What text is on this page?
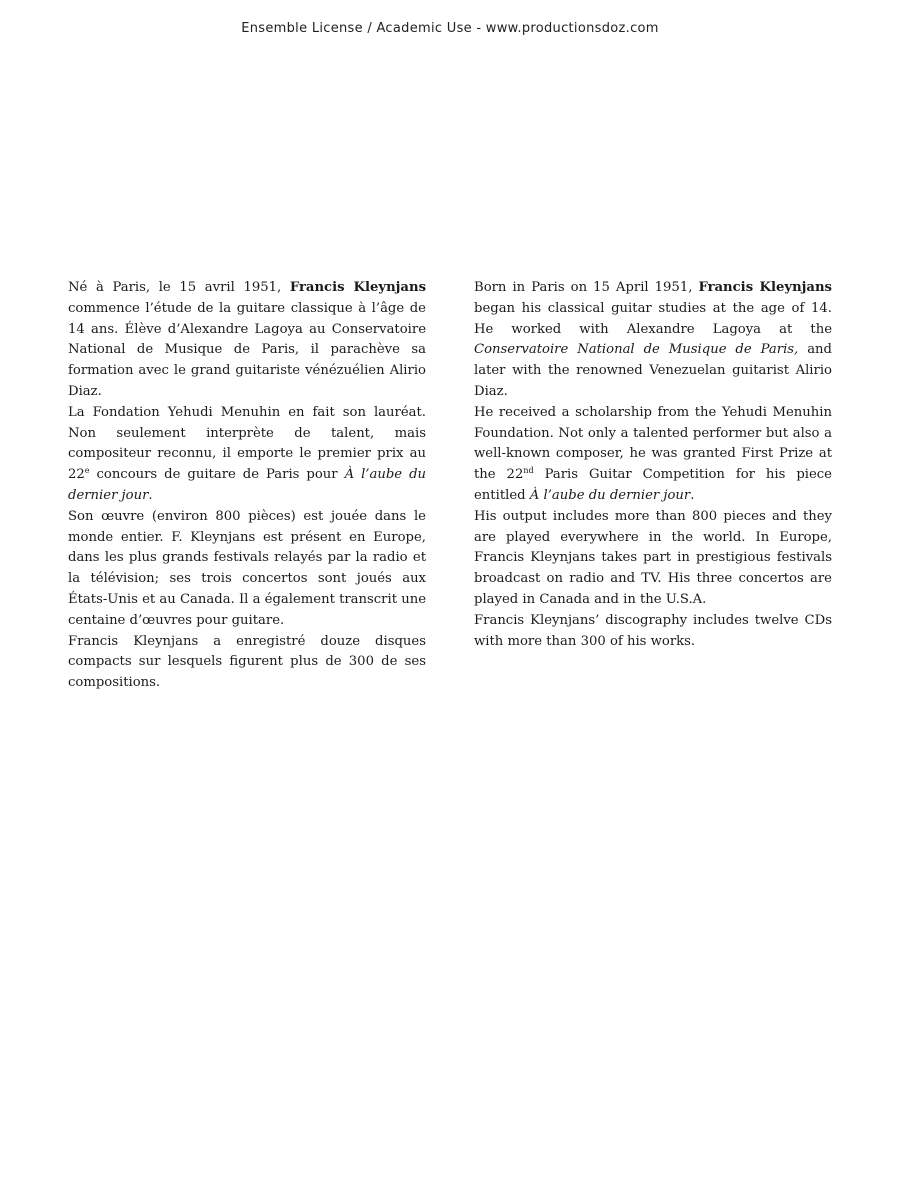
Ensemble License / Academic Use - www.productionsdoz.com

Né à Paris, le 15 avril 1951, Francis Kleynjans commence l’étude de la guitare classique à l’âge de 14 ans. Élève d’Alexandre Lagoya au Conservatoire National de Musique de Paris, il parachève sa formation avec le grand guitariste vénézuélien Alirio Diaz.

La Fondation Yehudi Menuhin en fait son lauréat. Non seulement interprète de talent, mais compositeur reconnu, il emporte le premier prix au 22e concours de guitare de Paris pour À l’aube du dernier jour.

Son œuvre (environ 800 pièces) est jouée dans le monde entier. F. Kleynjans est présent en Europe, dans les plus grands festivals relayés par la radio et la télévision; ses trois concertos sont joués aux États-Unis et au Canada. Il a également transcrit une centaine d’œuvres pour guitare.

Francis Kleynjans a enregistré douze disques compacts sur lesquels figurent plus de 300 de ses compositions.

Born in Paris on 15 April 1951, Francis Kleynjans began his classical guitar studies at the age of 14. He worked with Alexandre Lagoya at the Conservatoire National de Musique de Paris, and later with the renowned Venezuelan guitarist Alirio Diaz.

He received a scholarship from the Yehudi Menuhin Foundation. Not only a talented performer but also a well-known composer, he was granted First Prize at the 22nd Paris Guitar Competition for his piece entitled À l’aube du dernier jour.

His output includes more than 800 pieces and they are played everywhere in the world. In Europe, Francis Kleynjans takes part in prestigious festivals broadcast on radio and TV. His three concertos are played in Canada and in the U.S.A.

Francis Kleynjans’ discography includes twelve CDs with more than 300 of his works.
